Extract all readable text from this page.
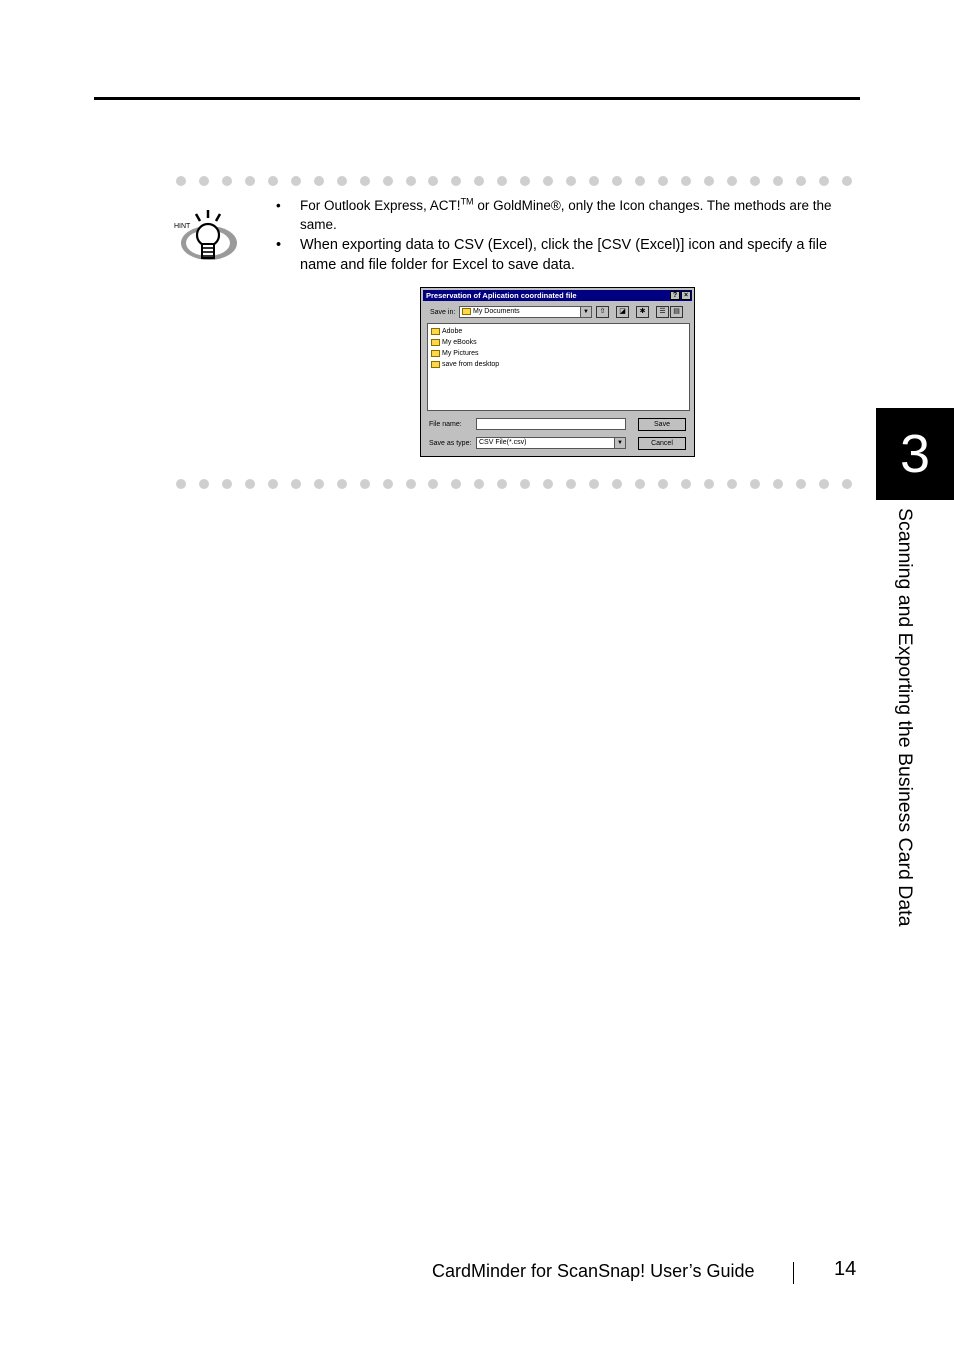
HINT
• For Outlook Express, ACT!™ or GoldMine®, only the Icon changes. The methods are the same.
• When exporting data to CSV (Excel), click the [CSV (Excel)] icon and specify a file name and file folder for Excel to save data.
Preservation of Aplication coordinated file	? ×
Save in:	My Documents	▼	⇧	◪	✱	☰	▤
Adobe
My eBooks
My Pictures
save from desktop
File name:	Save
Save as type:	CSV File(*.csv)	▼	Cancel	3
Scanning and Exporting the Business Card Data
CardMinder for ScanSnap! User’s Guide	14
